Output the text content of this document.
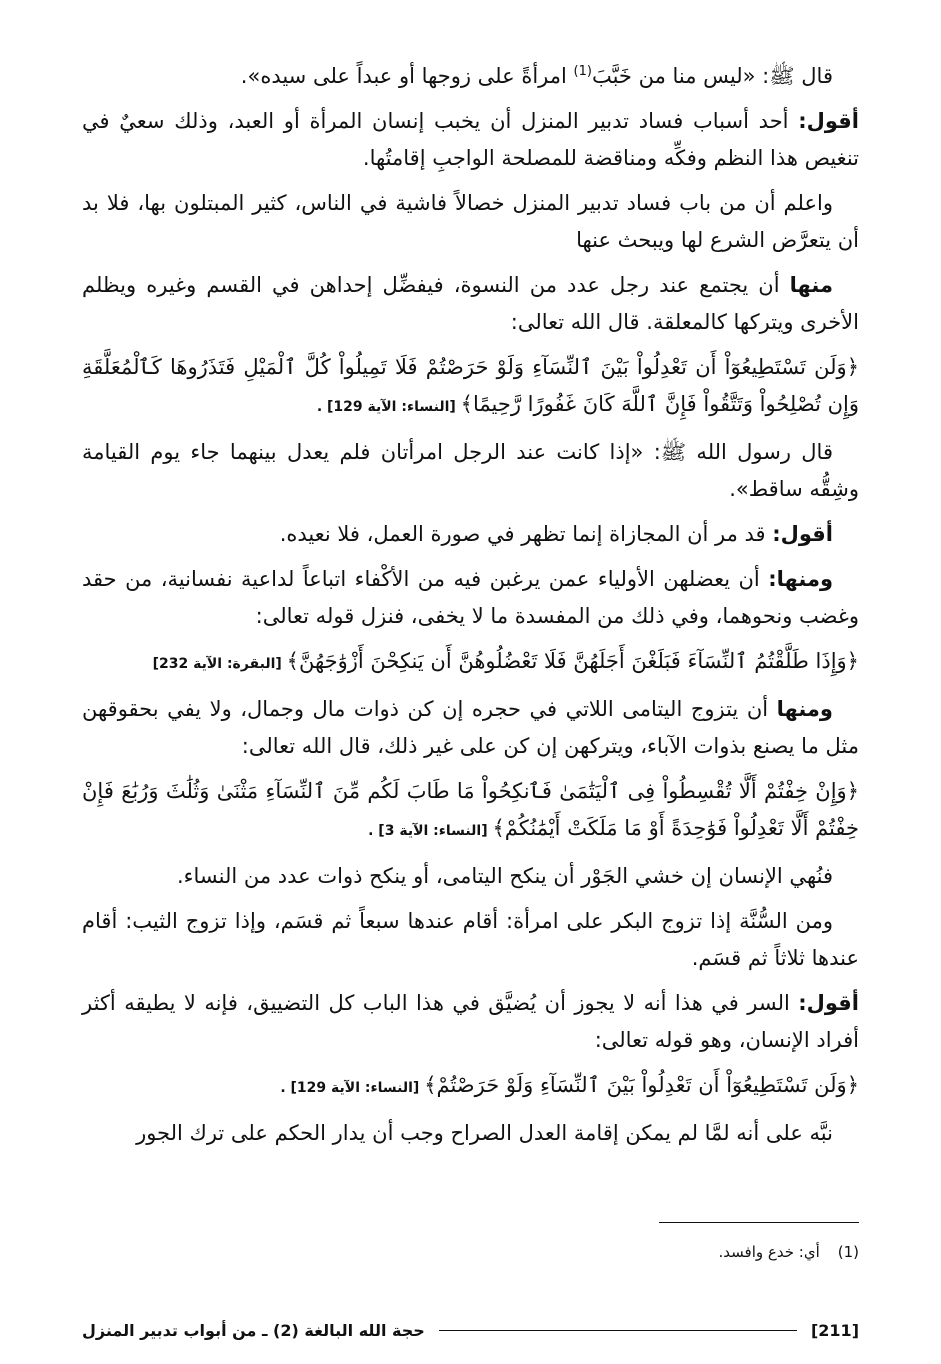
قال ﷺ: «ليس منا من خَبَّبَ$^{(1)}$ امرأةً على زوجها أو عبداً على سيده».

أقول: أحد أسباب فساد تدبير المنزل أن يخبب إنسان المرأة أو العبد، وذلك سعيٌ في تنغيص هذا النظم وفكِّه ومناقضة للمصلحة الواجبِ إقامتُها.

واعلم أن من باب فساد تدبير المنزل خصالاً فاشية في الناس، كثير المبتلون بها، فلا بد أن يتعرَّض الشرع لها ويبحث عنها

منها أن يجتمع عند رجل عدد من النسوة، فيفضِّل إحداهن في القسم وغيره ويظلم الأخرى ويتركها كالمعلقة. قال الله تعالى:

﴿وَلَن تَسْتَطِيعُوٓاْ أَن تَعْدِلُواْ بَيْنَ ٱلنِّسَآءِ وَلَوْ حَرَصْتُمْ فَلَا تَمِيلُواْ كُلَّ ٱلْمَيْلِ فَتَذَرُوهَا كَٱلْمُعَلَّقَةِ وَإِن تُصْلِحُواْ وَتَتَّقُواْ فَإِنَّ ٱللَّهَ كَانَ غَفُورًا رَّحِيمًا﴾ [النساء: الآية 129] .

قال رسول الله ﷺ: «إذا كانت عند الرجل امرأتان فلم يعدل بينهما جاء يوم القيامة وشِقُّه ساقط».

أقول: قد مر أن المجازاة إنما تظهر في صورة العمل، فلا نعيده.

ومنها: أن يعضلهن الأولياء عمن يرغبن فيه من الأكْفاء اتباعاً لداعية نفسانية، من حقد وغضب ونحوهما، وفي ذلك من المفسدة ما لا يخفى، فنزل قوله تعالى:

﴿وَإِذَا طَلَّقْتُمُ ٱلنِّسَآءَ فَبَلَغْنَ أَجَلَهُنَّ فَلَا تَعْضُلُوهُنَّ أَن يَنكِحْنَ أَزْوَٰجَهُنَّ﴾ [البقرة: الآية 232]

ومنها أن يتزوج اليتامى اللاتي في حجره إن كن ذوات مال وجمال، ولا يفي بحقوقهن مثل ما يصنع بذوات الآباء، ويتركهن إن كن على غير ذلك، قال الله تعالى:

﴿وَإِنْ خِفْتُمْ أَلَّا تُقْسِطُواْ فِى ٱلْيَتَٰمَىٰ فَٱنكِحُواْ مَا طَابَ لَكُم مِّنَ ٱلنِّسَآءِ مَثْنَىٰ وَثُلَٰثَ وَرُبَٰعَ فَإِنْ خِفْتُمْ أَلَّا تَعْدِلُواْ فَوَٰحِدَةً أَوْ مَا مَلَكَتْ أَيْمَٰنُكُمْ﴾ [النساء: الآية 3] .

فنُهي الإنسان إن خشي الجَوْر أن ينكح اليتامى، أو ينكح ذوات عدد من النساء.

ومن السُّنَّة إذا تزوج البكر على امرأة: أقام عندها سبعاً ثم قسَم، وإذا تزوج الثيب: أقام عندها ثلاثاً ثم قسَم.

أقول: السر في هذا أنه لا يجوز أن يُضيَّق في هذا الباب كل التضييق، فإنه لا يطيقه أكثر أفراد الإنسان، وهو قوله تعالى:

﴿وَلَن تَسْتَطِيعُوٓاْ أَن تَعْدِلُواْ بَيْنَ ٱلنِّسَآءِ وَلَوْ حَرَصْتُمْ﴾ [النساء: الآية 129] .

نبَّه على أنه لمَّا لم يمكن إقامة العدل الصراح وجب أن يدار الحكم على ترك الجور

(1)أي: خدع وافسد.
[211]
حجة الله البالغة (2) ـ من أبواب تدبير المنزل
